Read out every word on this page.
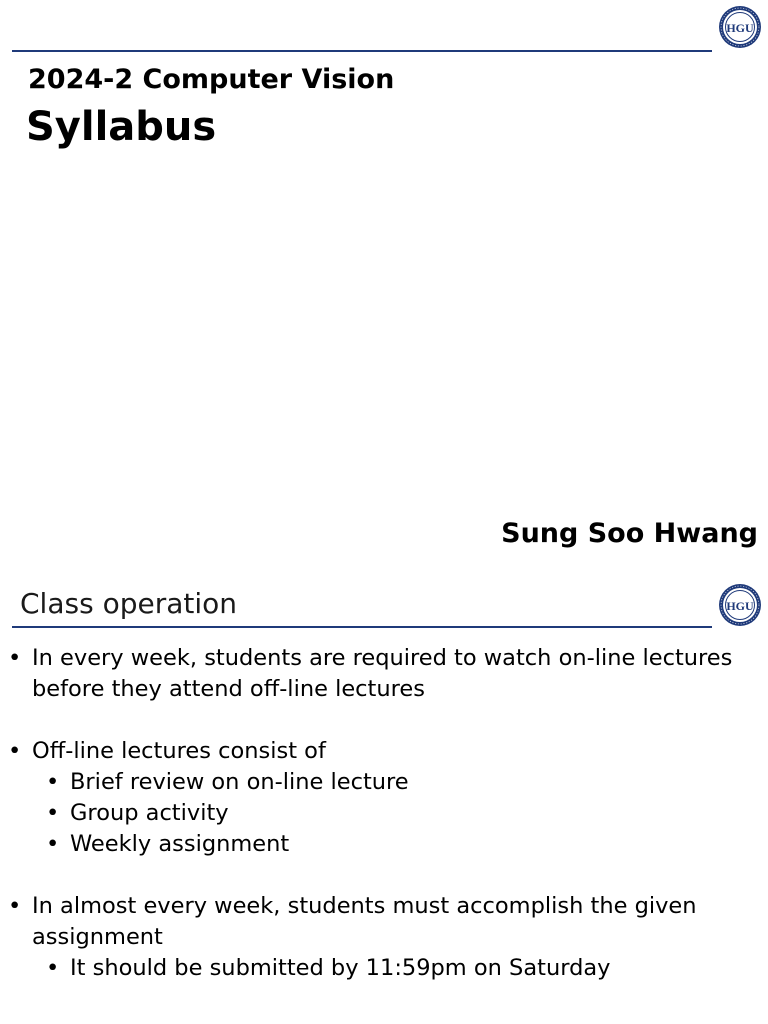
HGU
2024-2 Computer Vision
Syllabus
Sung Soo Hwang
Class operation	HGU
• In every week, students are required to watch on-line lectures before they attend off-line lectures
• Off-line lectures consist of
• Brief review on on-line lecture
• Group activity
• Weekly assignment
• In almost every week, students must accomplish the given assignment
• It should be submitted by 11:59pm on Saturday
